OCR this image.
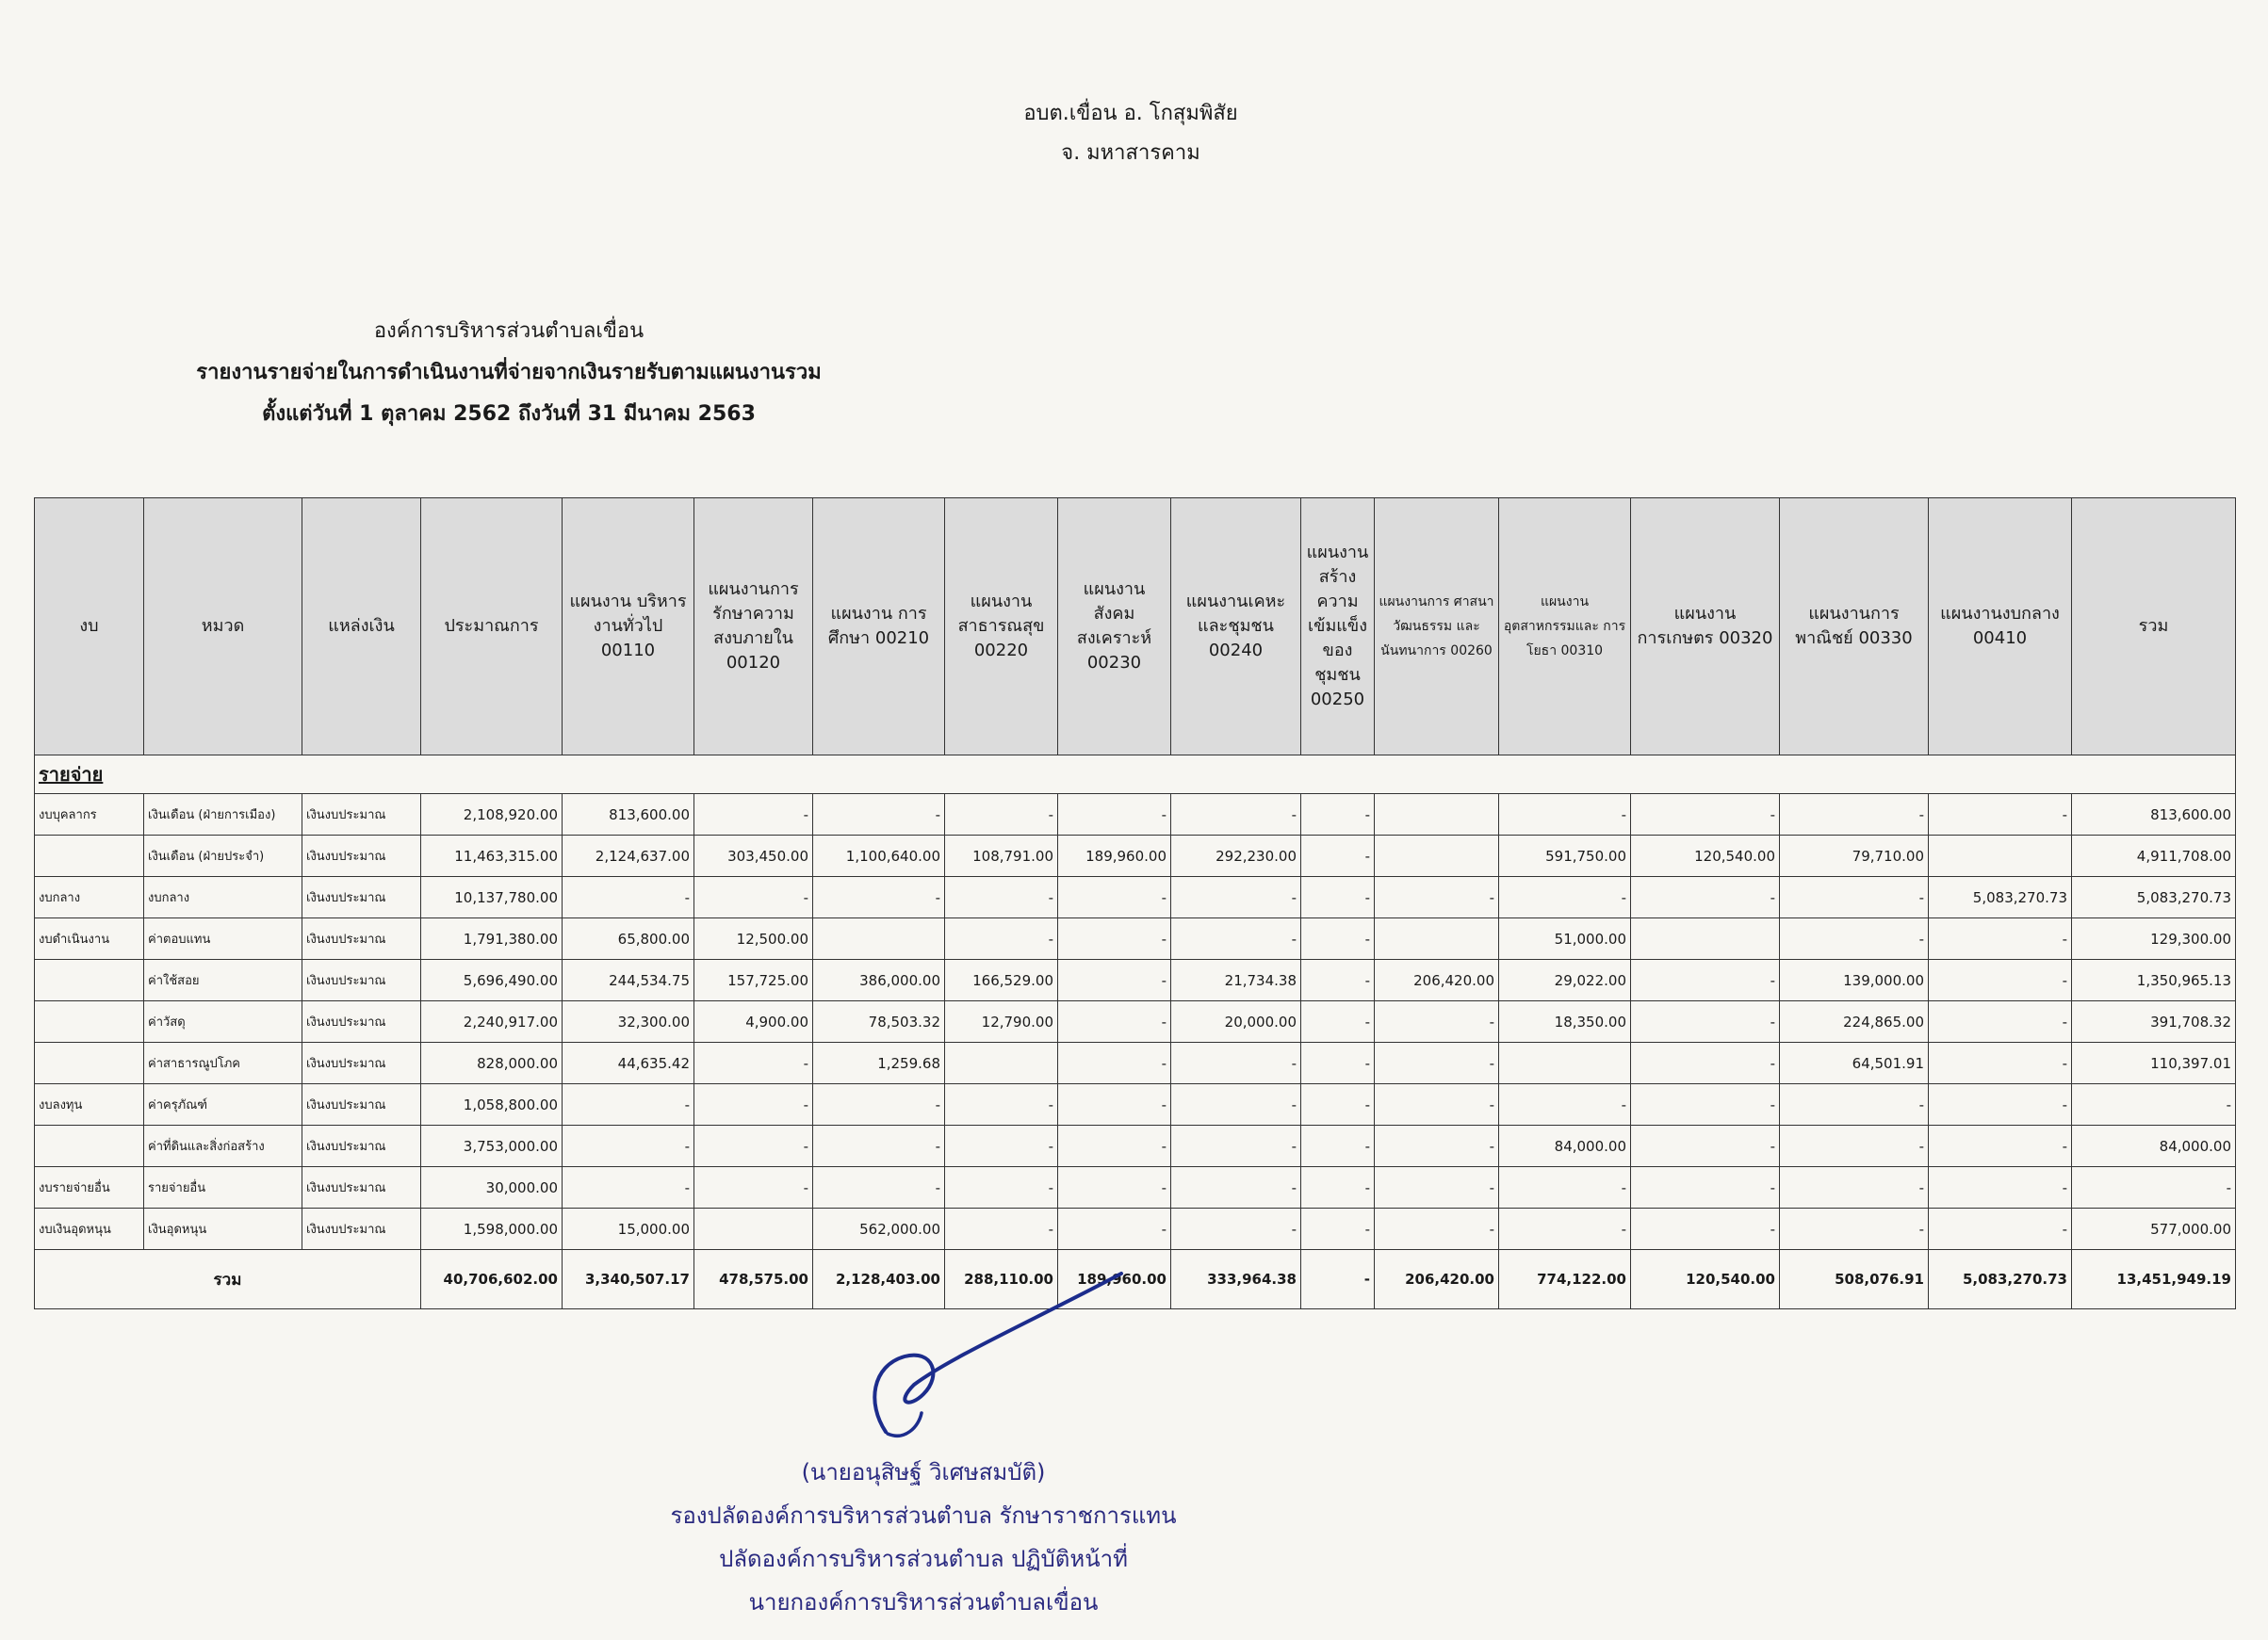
อบต.เขื่อน อ. โกสุมพิสัย
จ. มหาสารคาม
องค์การบริหารส่วนตำบลเขื่อน
รายงานรายจ่ายในการดำเนินงานที่จ่ายจากเงินรายรับตามแผนงานรวม
ตั้งแต่วันที่ 1 ตุลาคม 2562 ถึงวันที่ 31 มีนาคม 2563
งบ	หมวด	แหล่งเงิน	ประมาณการ	แผนงาน บริหารงานทั่วไป 00110	แผนงานการ รักษาความ สงบภายใน 00120	แผนงาน การศึกษา 00210	แผนงาน สาธารณสุข 00220	แผนงาน สังคม สงเคราะห์ 00230	แผนงานเคหะ และชุมชน 00240	แผนงาน สร้าง ความ เข้มแข็ง ของ ชุมชน 00250	แผนงานการ ศาสนาวัฒนธรรม และนันทนาการ 00260	แผนงาน อุตสาหกรรมและ การโยธา 00310	แผนงาน การเกษตร 00320	แผนงานการ พาณิชย์ 00330	แผนงานงบกลาง 00410	รวม
รายจ่าย																
งบบุคลากร	เงินเดือน (ฝ่ายการเมือง)	เงินงบประมาณ	2,108,920.00	813,600.00	-	-	-	-	-	-		-	-	-	-	813,600.00
	เงินเดือน (ฝ่ายประจำ)	เงินงบประมาณ	11,463,315.00	2,124,637.00	303,450.00	1,100,640.00	108,791.00	189,960.00	292,230.00	-		591,750.00	120,540.00	79,710.00		4,911,708.00
งบกลาง	งบกลาง	เงินงบประมาณ	10,137,780.00	-	-	-	-	-	-	-	-	-	-	-	5,083,270.73	5,083,270.73
งบดำเนินงาน	ค่าตอบแทน	เงินงบประมาณ	1,791,380.00	65,800.00	12,500.00		-	-	-	-		51,000.00		-	-	129,300.00
	ค่าใช้สอย	เงินงบประมาณ	5,696,490.00	244,534.75	157,725.00	386,000.00	166,529.00	-	21,734.38	-	206,420.00	29,022.00	-	139,000.00	-	1,350,965.13
	ค่าวัสดุ	เงินงบประมาณ	2,240,917.00	32,300.00	4,900.00	78,503.32	12,790.00	-	20,000.00	-	-	18,350.00	-	224,865.00	-	391,708.32
	ค่าสาธารณูปโภค	เงินงบประมาณ	828,000.00	44,635.42	-	1,259.68		-	-	-	-		-	64,501.91	-	110,397.01
งบลงทุน	ค่าครุภัณฑ์	เงินงบประมาณ	1,058,800.00	-	-	-	-	-	-	-	-	-	-	-	-	-
	ค่าที่ดินและสิ่งก่อสร้าง	เงินงบประมาณ	3,753,000.00	-	-	-	-	-	-	-	-	84,000.00	-	-	-	84,000.00
งบรายจ่ายอื่น	รายจ่ายอื่น	เงินงบประมาณ	30,000.00	-	-	-	-	-	-	-	-	-	-	-	-	-
งบเงินอุดหนุน	เงินอุดหนุน	เงินงบประมาณ	1,598,000.00	15,000.00		562,000.00	-	-	-	-	-	-	-	-	-	577,000.00
รวม			40,706,602.00	3,340,507.17	478,575.00	2,128,403.00	288,110.00	189,960.00	333,964.38	-	206,420.00	774,122.00	120,540.00	508,076.91	5,083,270.73	13,451,949.19
(นายอนุสิษฐ์ วิเศษสมบัติ)
รองปลัดองค์การบริหารส่วนตำบล รักษาราชการแทน
ปลัดองค์การบริหารส่วนตำบล ปฏิบัติหน้าที่
นายกองค์การบริหารส่วนตำบลเขื่อน
